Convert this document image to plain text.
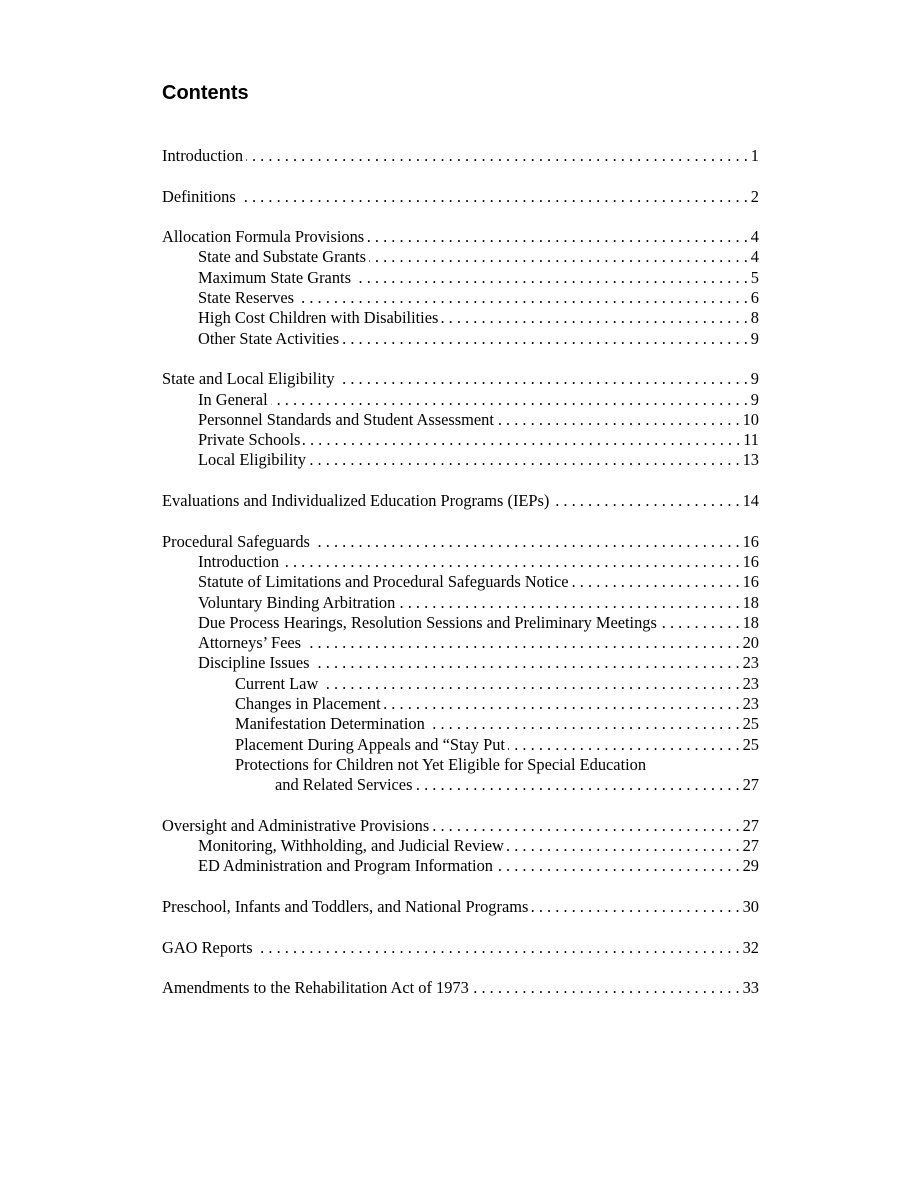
Contents
Introduction . . .	1
Definitions . . .	2
Allocation Formula Provisions . . .	4
State and Substate Grants . . .	4
Maximum State Grants . . .	5
State Reserves . . .	6
High Cost Children with Disabilities . . .	8
Other State Activities . . .	9
State and Local Eligibility . . .	9
In General . . .	9
Personnel Standards and Student Assessment . . .	10
Private Schools . . .	11
Local Eligibility . . .	13
Evaluations and Individualized Education Programs (IEPs) . . .	14
Procedural Safeguards . . .	16
Introduction . . .	16
Statute of Limitations and Procedural Safeguards Notice . . .	16
Voluntary Binding Arbitration . . .	18
Due Process Hearings, Resolution Sessions and Preliminary Meetings . . .	18
Attorneys’ Fees . . .	20
Discipline Issues . . .	23
Current Law . . .	23
Changes in Placement . . .	23
Manifestation Determination . . .	25
Placement During Appeals and “Stay Put . . .	25
Protections for Children not Yet Eligible for Special Education
and Related Services . . .	27
Oversight and Administrative Provisions . . .	27
Monitoring, Withholding, and Judicial Review . . .	27
ED Administration and Program Information . . .	29
Preschool, Infants and Toddlers, and National Programs . . .	30
GAO Reports . . .	32
Amendments to the Rehabilitation Act of 1973 . . .	33
